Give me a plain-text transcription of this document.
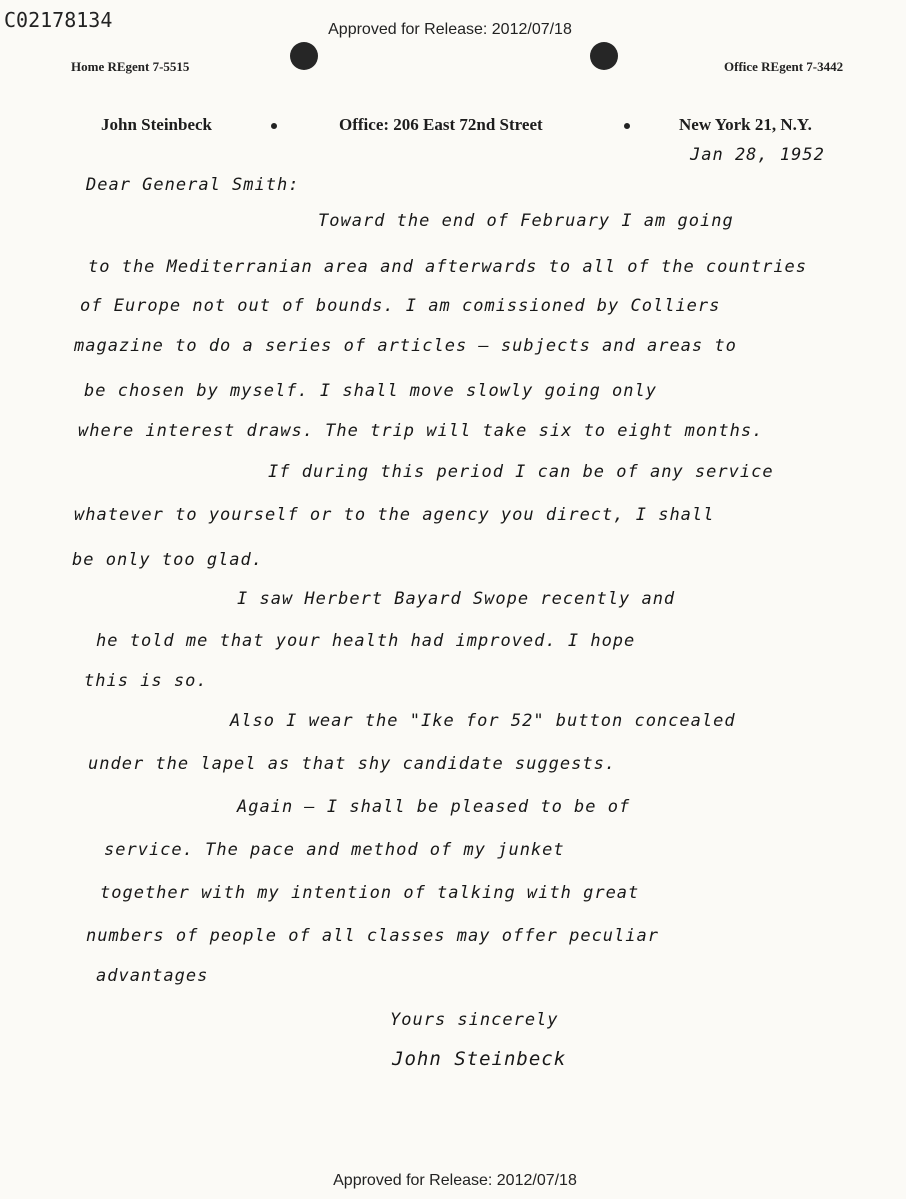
C02178134	Approved for Release: 2012/07/18
Home REgent 7-5515	Office REgent 7-3442
John Steinbeck	Office: 206 East 72nd Street	New York 21, N.Y.
Jan 28, 1952
Dear General Smith:
Toward the end of February I am going
to the Mediterranian area and afterwards to all of the countries
of Europe not out of bounds. I am comissioned by Colliers
magazine to do a series of articles — subjects and areas to
be chosen by myself. I shall move slowly going only
where interest draws. The trip will take six to eight months.
If during this period I can be of any service
whatever to yourself or to the agency you direct, I shall
be only too glad.
I saw Herbert Bayard Swope recently and
he told me that your health had improved. I hope
this is so.
Also I wear the "Ike for 52" button concealed
under the lapel as that shy candidate suggests.
Again — I shall be pleased to be of
service. The pace and method of my junket
together with my intention of talking with great
numbers of people of all classes may offer peculiar
advantages
Yours sincerely
John Steinbeck
Approved for Release: 2012/07/18
